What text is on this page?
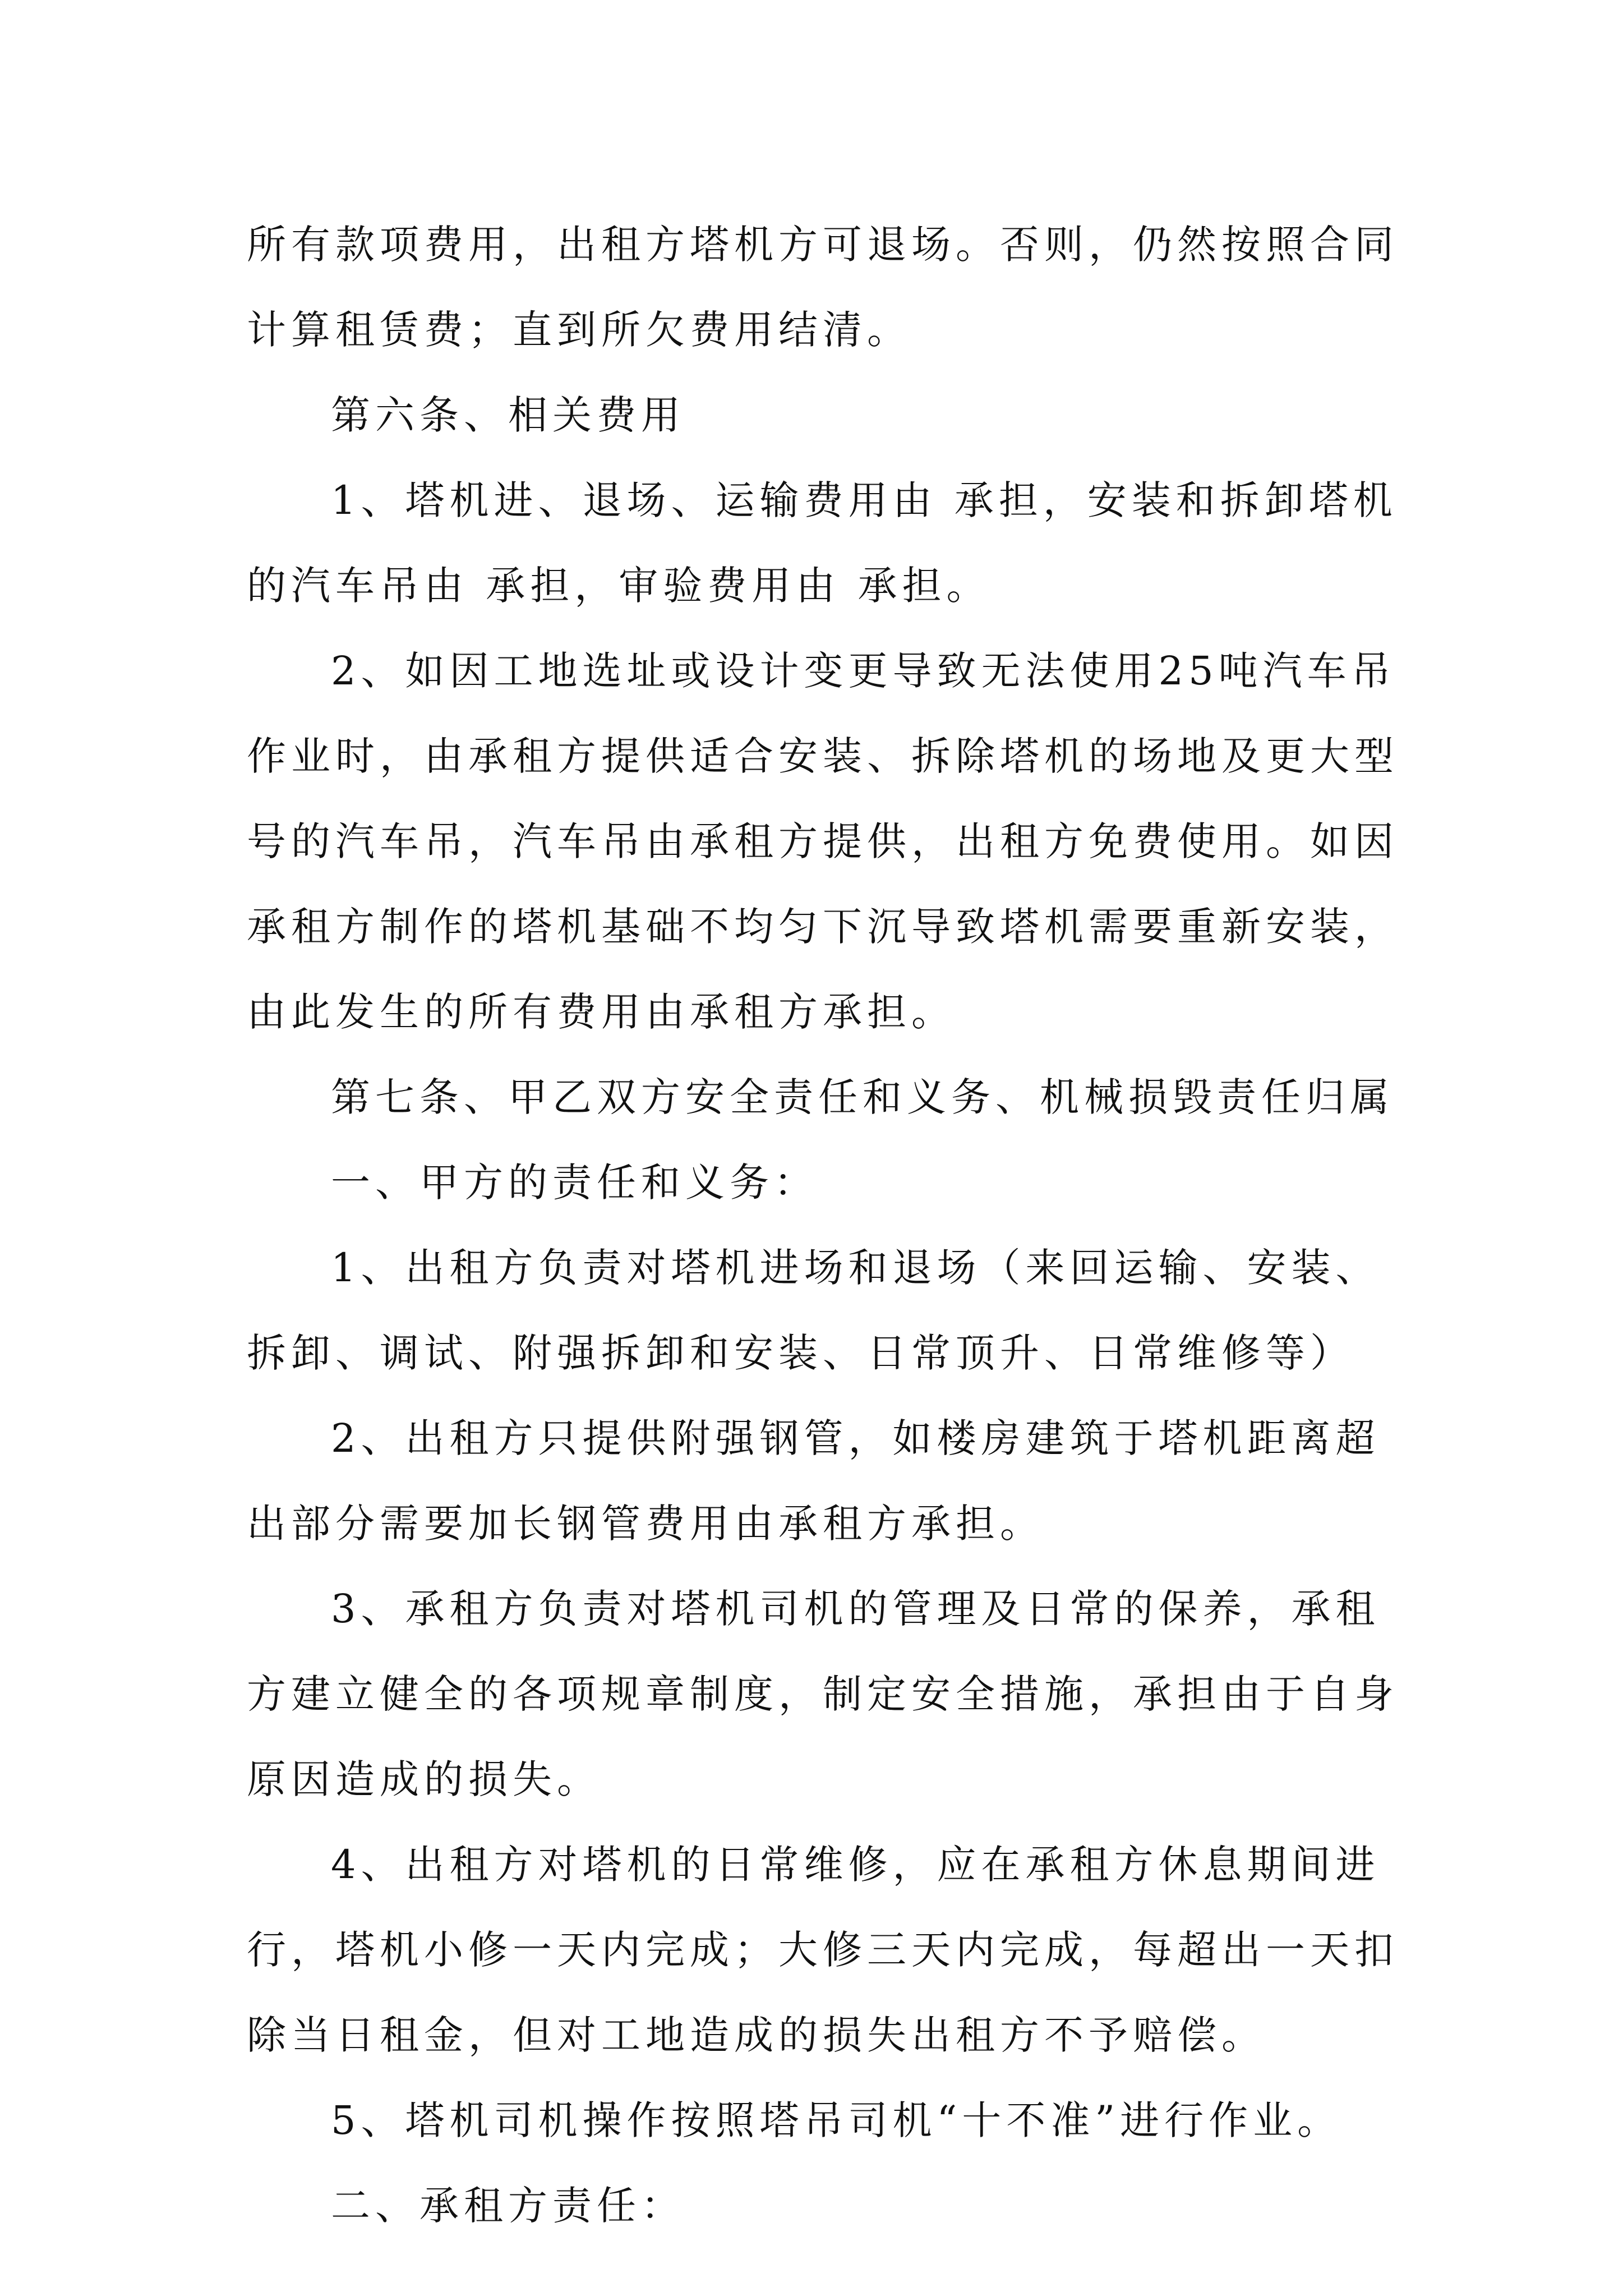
所有款项费用，出租方塔机方可退场。否则，仍然按照合同

计算租赁费；直到所欠费用结清。

第六条、相关费用

1、塔机进、退场、运输费用由 承担，安装和拆卸塔机

的汽车吊由 承担，审验费用由 承担。

2、如因工地选址或设计变更导致无法使用25吨汽车吊

作业时，由承租方提供适合安装、拆除塔机的场地及更大型

号的汽车吊，汽车吊由承租方提供，出租方免费使用。如因

承租方制作的塔机基础不均匀下沉导致塔机需要重新安装，

由此发生的所有费用由承租方承担。

第七条、甲乙双方安全责任和义务、机械损毁责任归属

一、甲方的责任和义务：

1、出租方负责对塔机进场和退场（来回运输、安装、

拆卸、调试、附强拆卸和安装、日常顶升、日常维修等）

2、出租方只提供附强钢管，如楼房建筑于塔机距离超

出部分需要加长钢管费用由承租方承担。

3、承租方负责对塔机司机的管理及日常的保养，承租

方建立健全的各项规章制度，制定安全措施，承担由于自身

原因造成的损失。

4、出租方对塔机的日常维修，应在承租方休息期间进

行，塔机小修一天内完成；大修三天内完成，每超出一天扣

除当日租金，但对工地造成的损失出租方不予赔偿。

5、塔机司机操作按照塔吊司机“十不准”进行作业。

二、承租方责任：
